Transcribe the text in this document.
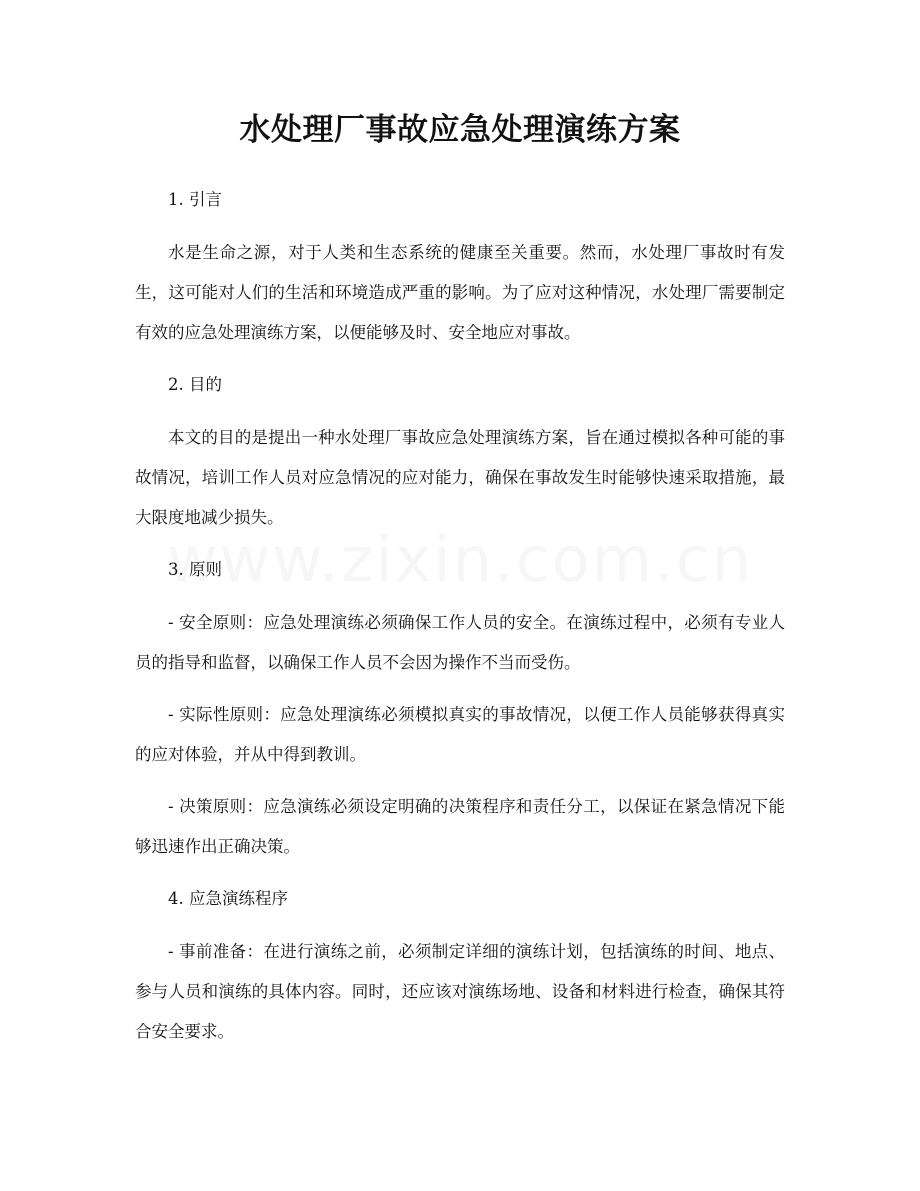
水处理厂事故应急处理演练方案

1. 引言

水是生命之源，对于人类和生态系统的健康至关重要。然而，水处理厂事故时有发生，这可能对人们的生活和环境造成严重的影响。为了应对这种情况，水处理厂需要制定有效的应急处理演练方案，以便能够及时、安全地应对事故。

2. 目的

本文的目的是提出一种水处理厂事故应急处理演练方案，旨在通过模拟各种可能的事故情况，培训工作人员对应急情况的应对能力，确保在事故发生时能够快速采取措施，最大限度地减少损失。

3. 原则

- 安全原则：应急处理演练必须确保工作人员的安全。在演练过程中，必须有专业人员的指导和监督，以确保工作人员不会因为操作不当而受伤。

- 实际性原则：应急处理演练必须模拟真实的事故情况，以便工作人员能够获得真实的应对体验，并从中得到教训。

- 决策原则：应急演练必须设定明确的决策程序和责任分工，以保证在紧急情况下能够迅速作出正确决策。

4. 应急演练程序

- 事前准备：在进行演练之前，必须制定详细的演练计划，包括演练的时间、地点、参与人员和演练的具体内容。同时，还应该对演练场地、设备和材料进行检查，确保其符合安全要求。
